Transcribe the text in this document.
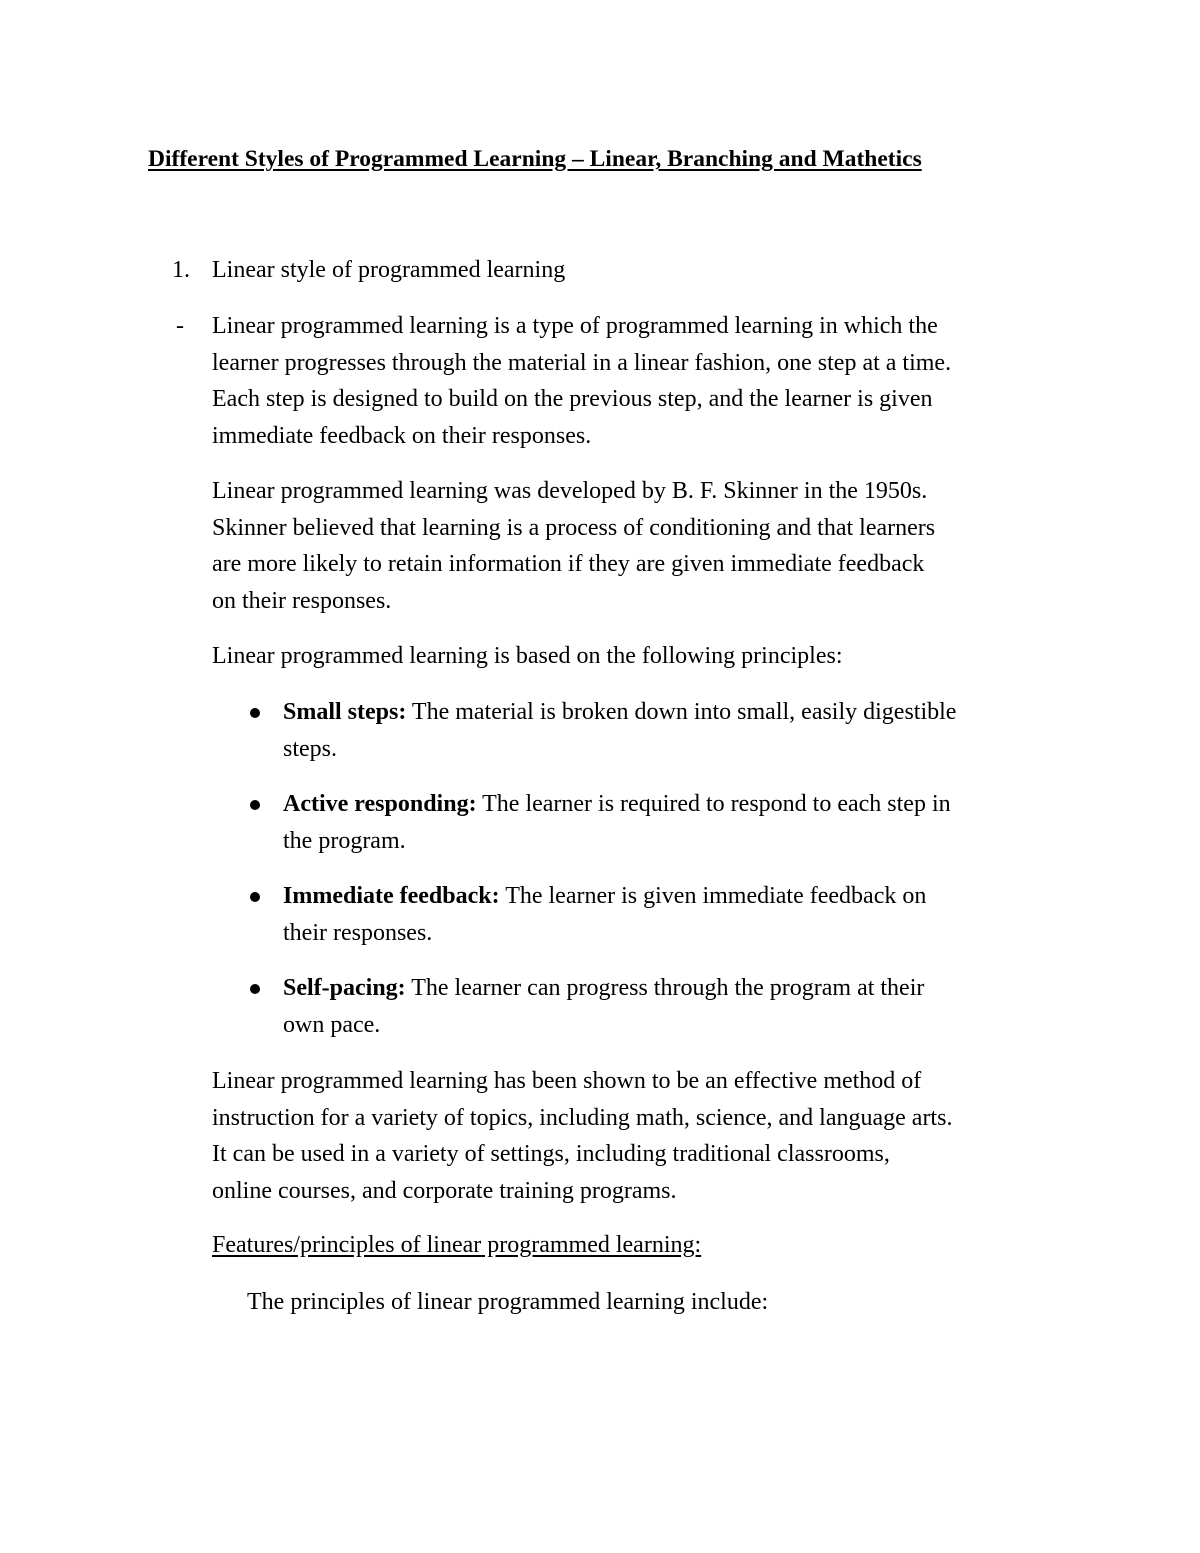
Different Styles of Programmed Learning – Linear, Branching and Mathetics
1. Linear style of programmed learning
- Linear programmed learning is a type of programmed learning in which the
learner progresses through the material in a linear fashion, one step at a time.
Each step is designed to build on the previous step, and the learner is given
immediate feedback on their responses.
Linear programmed learning was developed by B. F. Skinner in the 1950s.
Skinner believed that learning is a process of conditioning and that learners
are more likely to retain information if they are given immediate feedback
on their responses.
Linear programmed learning is based on the following principles:
Small steps: The material is broken down into small, easily digestible
steps.
Active responding: The learner is required to respond to each step in
the program.
Immediate feedback: The learner is given immediate feedback on
their responses.
Self-pacing: The learner can progress through the program at their
own pace.
Linear programmed learning has been shown to be an effective method of
instruction for a variety of topics, including math, science, and language arts.
It can be used in a variety of settings, including traditional classrooms,
online courses, and corporate training programs.
Features/principles of linear programmed learning:
The principles of linear programmed learning include:
